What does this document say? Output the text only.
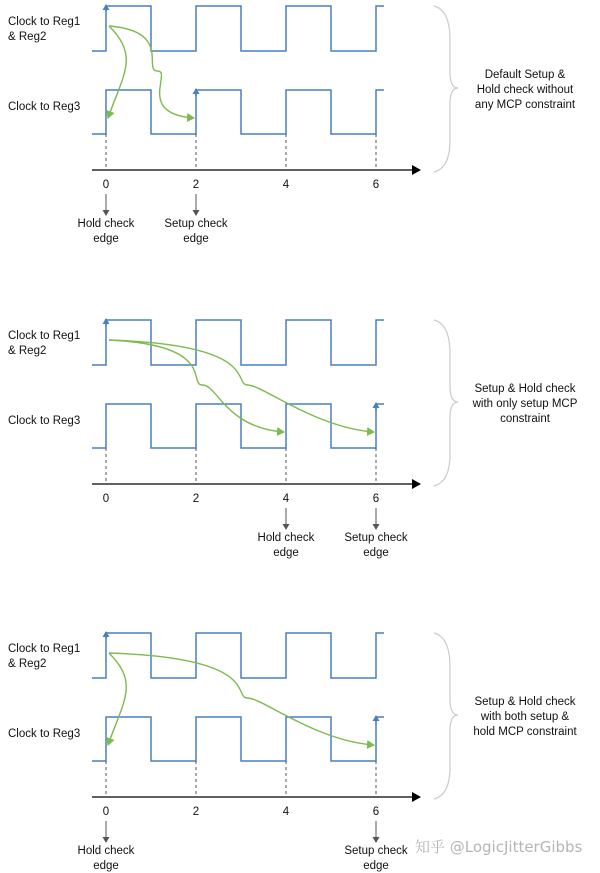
0	2	4	6
Clock to Reg1 & Reg2
Clock to Reg3
Hold check edge
Setup check edge
Default Setup & Hold check without any MCP constraint
0	2	4	6
Clock to Reg1 & Reg2
Clock to Reg3
Hold check edge
Setup check edge
Setup & Hold check with only setup MCP constraint
0	2	4	6
Clock to Reg1 & Reg2
Clock to Reg3
Hold check edge
Setup check edge
Setup & Hold check with both setup & hold MCP constraint
知乎 @LogicJitterGibbs
